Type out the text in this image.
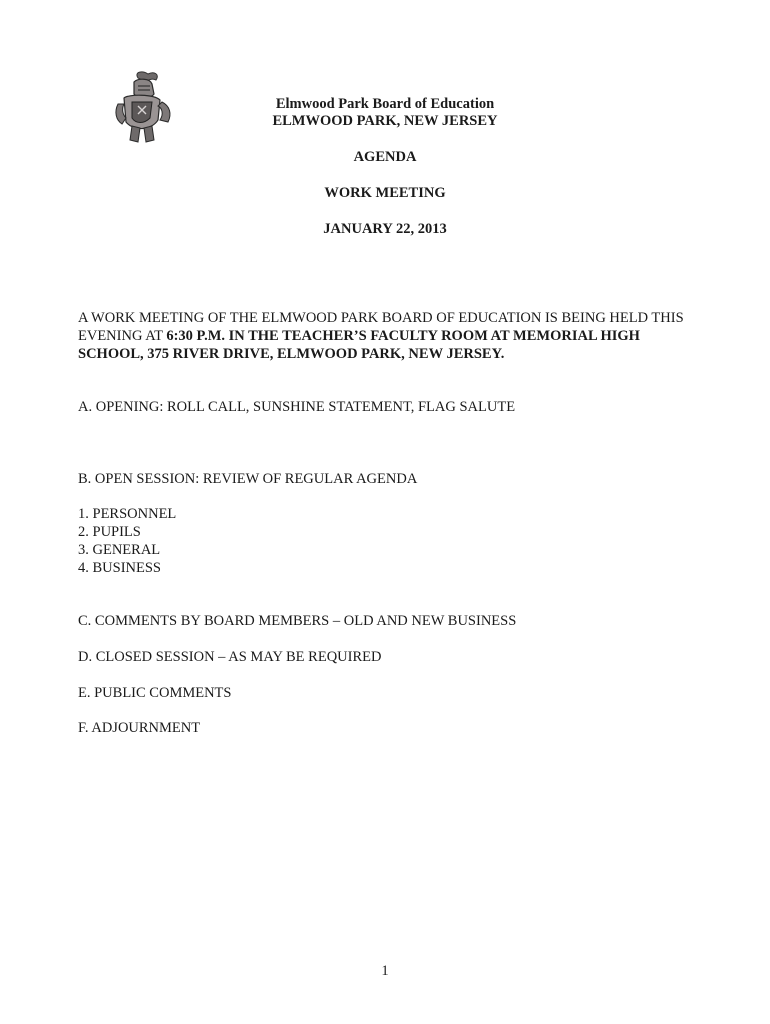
Elmwood Park Board of Education
ELMWOOD PARK, NEW JERSEY
AGENDA
WORK MEETING
JANUARY 22, 2013
A WORK MEETING OF THE ELMWOOD PARK BOARD OF EDUCATION IS BEING HELD THIS EVENING AT 6:30 P.M. IN THE TEACHER’S FACULTY ROOM AT MEMORIAL HIGH SCHOOL, 375 RIVER DRIVE, ELMWOOD PARK, NEW JERSEY.
A. OPENING: ROLL CALL, SUNSHINE STATEMENT, FLAG SALUTE
B. OPEN SESSION: REVIEW OF REGULAR AGENDA
1. PERSONNEL
2. PUPILS
3. GENERAL
4. BUSINESS
C. COMMENTS BY BOARD MEMBERS – OLD AND NEW BUSINESS
D. CLOSED SESSION – AS MAY BE REQUIRED
E. PUBLIC COMMENTS
F. ADJOURNMENT
1
